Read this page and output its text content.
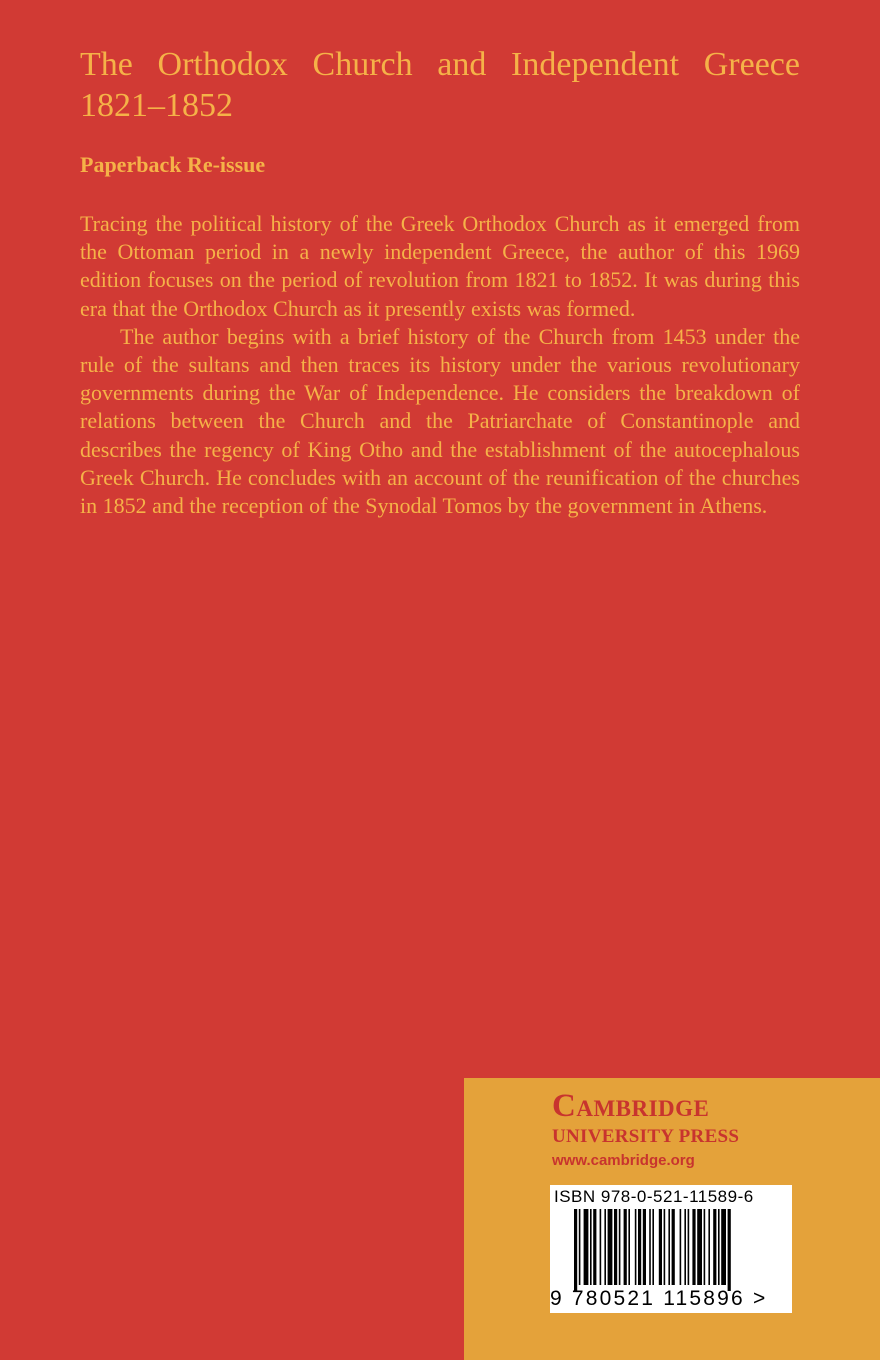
The Orthodox Church and Independent Greece
1821–1852
Paperback Re-issue

Tracing the political history of the Greek Orthodox Church as it emerged from the Ottoman period in a newly independent Greece, the author of this 1969 edition focuses on the period of revolution from 1821 to 1852. It was during this era that the Orthodox Church as it presently exists was formed.

The author begins with a brief history of the Church from 1453 under the rule of the sultans and then traces its history under the various revolutionary governments during the War of Independence. He considers the breakdown of relations between the Church and the Patriarchate of Constantinople and describes the regency of King Otho and the establishment of the autocephalous Greek Church. He concludes with an account of the reunification of the churches in 1852 and the reception of the Synodal Tomos by the government in Athens.

Cambridge
UNIVERSITY PRESS
www.cambridge.org
ISBN 978-0-521-11589-6
9 780521 115896 >
